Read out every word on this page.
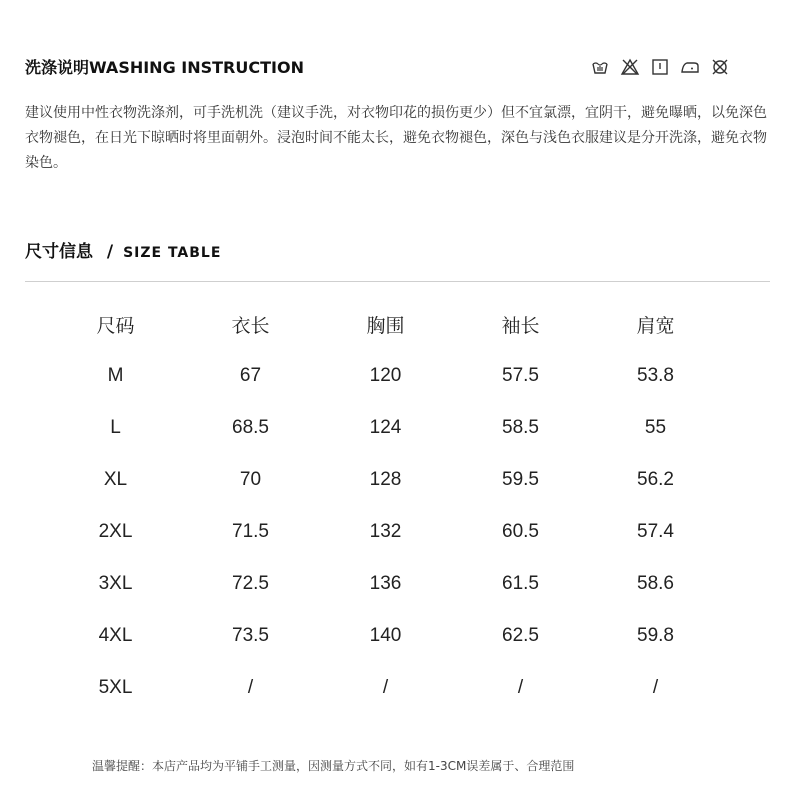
洗涤说明WASHING INSTRUCTION
建议使用中性衣物洗涤剂，可手洗机洗（建议手洗，对衣物印花的损伤更少）但不宜氯漂，宜阴干，避免曝晒，以免深色衣物褪色，在日光下晾晒时将里面朝外。浸泡时间不能太长，避免衣物褪色，深色与浅色衣服建议是分开洗涤，避免衣物染色。
尺寸信息 / SIZE TABLE
尺码	衣长	胸围	袖长	肩宽
M	67	120	57.5	53.8
L	68.5	124	58.5	55
XL	70	128	59.5	56.2
2XL	71.5	132	60.5	57.4
3XL	72.5	136	61.5	58.6
4XL	73.5	140	62.5	59.8
5XL	/	/	/	/
温馨提醒：本店产品均为平铺手工测量，因测量方式不同，如有1-3CM误差属于、合理范围
